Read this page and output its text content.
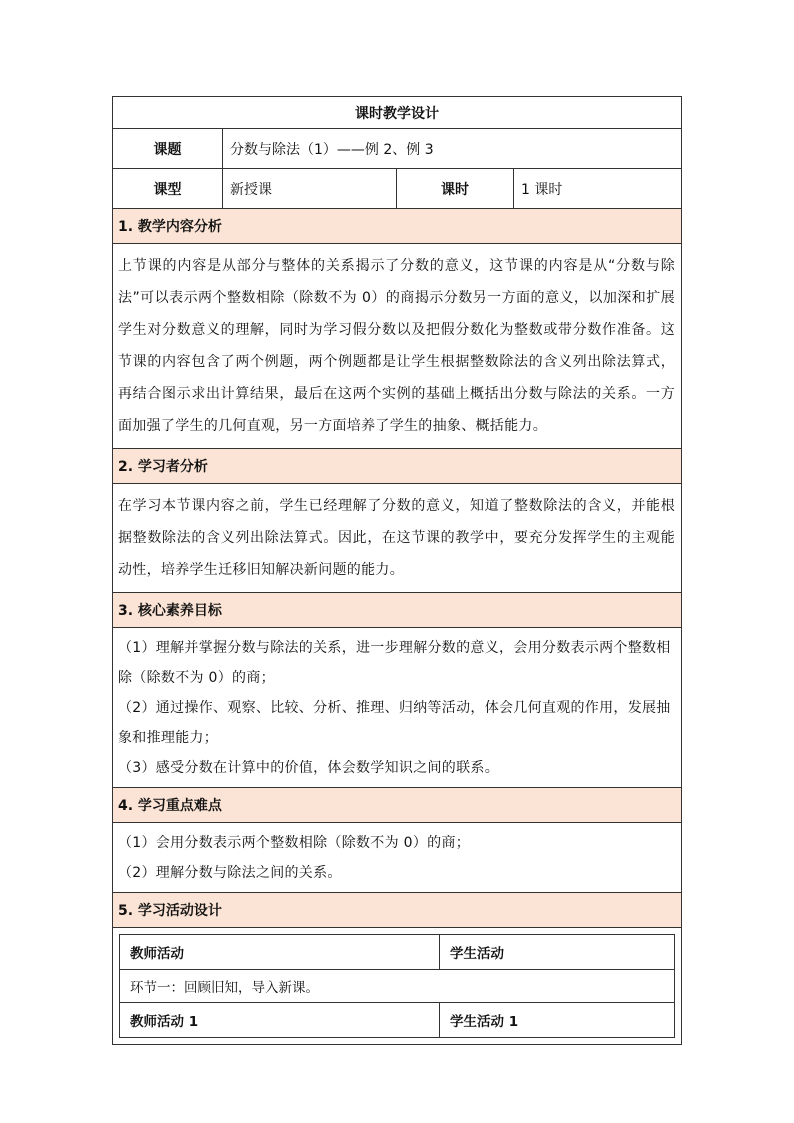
课时教学设计
课题	分数与除法（1）——例 2、例 3
课型	新授课	课时	1 课时
1. 教学内容分析

上节课的内容是从部分与整体的关系揭示了分数的意义，这节课的内容是从“分数与除法”可以表示两个整数相除（除数不为 0）的商揭示分数另一方面的意义，以加深和扩展学生对分数意义的理解，同时为学习假分数以及把假分数化为整数或带分数作准备。这节课的内容包含了两个例题，两个例题都是让学生根据整数除法的含义列出除法算式，再结合图示求出计算结果，最后在这两个实例的基础上概括出分数与除法的关系。一方面加强了学生的几何直观，另一方面培养了学生的抽象、概括能力。

2. 学习者分析

在学习本节课内容之前，学生已经理解了分数的意义，知道了整数除法的含义，并能根据整数除法的含义列出除法算式。因此，在这节课的教学中，要充分发挥学生的主观能动性，培养学生迁移旧知解决新问题的能力。

3. 核心素养目标

（1）理解并掌握分数与除法的关系，进一步理解分数的意义，会用分数表示两个整数相除（除数不为 0）的商；

（2）通过操作、观察、比较、分析、推理、归纳等活动，体会几何直观的作用，发展抽象和推理能力；

（3）感受分数在计算中的价值，体会数学知识之间的联系。

4. 学习重点难点

（1）会用分数表示两个整数相除（除数不为 0）的商；

（2）理解分数与除法之间的关系。

5. 学习活动设计

教师活动	学生活动
环节一：回顾旧知，导入新课。
教师活动 1	学生活动 1
